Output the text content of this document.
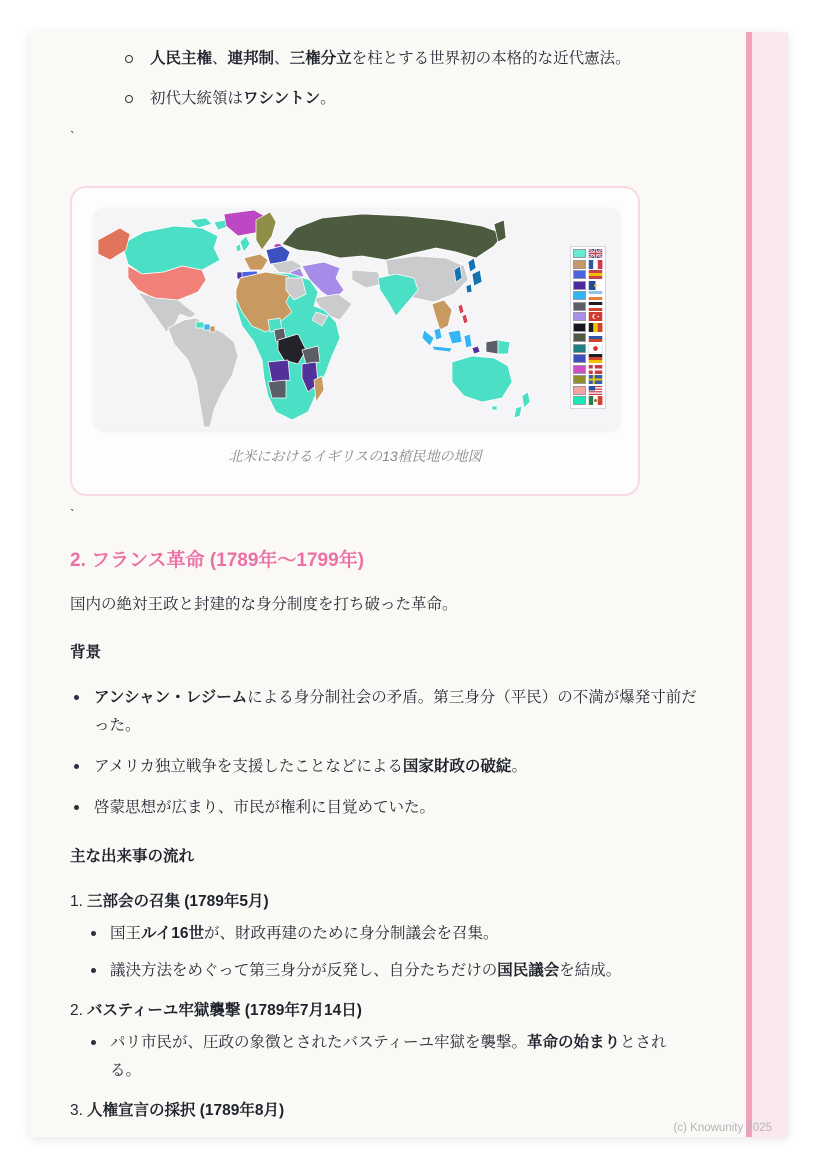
人民主権、連邦制、三権分立を柱とする世界初の本格的な近代憲法。
初代大統領はワシントン。
`
北米におけるイギリスの13植民地の地図
`
2. フランス革命 (1789年〜1799年)

国内の絶対王政と封建的な身分制度を打ち破った革命。

背景

アンシャン・レジームによる身分制社会の矛盾。第三身分（平民）の不満が爆発寸前だった。
アメリカ独立戦争を支援したことなどによる国家財政の破綻。
啓蒙思想が広まり、市民が権利に目覚めていた。

主な出来事の流れ

1. 三部会の召集 (1789年5月)
国王ルイ16世が、財政再建のために身分制議会を召集。
議決方法をめぐって第三身分が反発し、自分たちだけの国民議会を結成。
2. バスティーユ牢獄襲撃 (1789年7月14日)
パリ市民が、圧政の象徴とされたバスティーユ牢獄を襲撃。革命の始まりとされる。
3. 人権宣言の採択 (1789年8月)
(c) Knowunity 2025
